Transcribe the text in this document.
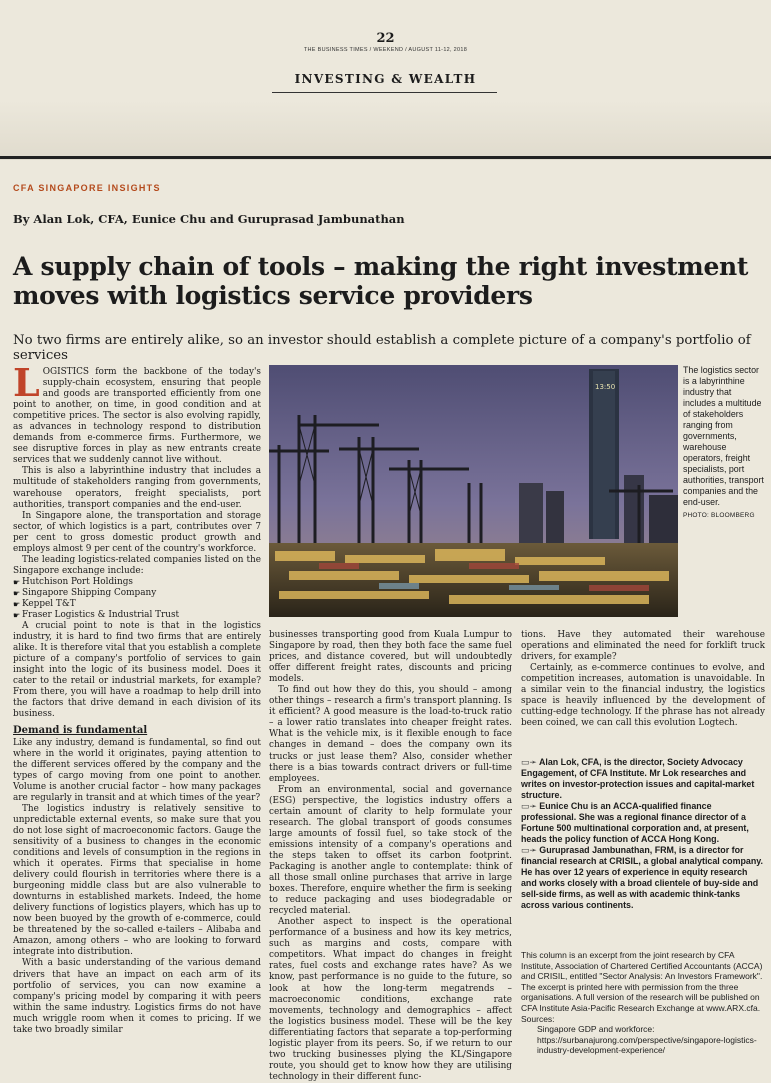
22
THE BUSINESS TIMES / WEEKEND / AUGUST 11-12, 2018
INVESTING & WEALTH
CFA SINGAPORE INSIGHTS
By Alan Lok, CFA, Eunice Chu and Guruprasad Jambunathan
A supply chain of tools – making the right investment
moves with logistics service providers
No two firms are entirely alike, so an investor should establish a complete picture of a company's portfolio of services

LOGISTICS form the backbone of the today's supply-chain ecosystem, ensuring that people and goods are transported efficiently from one point to another, on time, in good condition and at competitive prices. The sector is also evolving rapidly, as advances in technology respond to distribution demands from e-commerce firms. Furthermore, we see disruptive forces in play as new entrants create services that we suddenly cannot live without.

This is also a labyrinthine industry that includes a multitude of stakeholders ranging from governments, warehouse operators, freight specialists, port authorities, transport companies and the end-user.

In Singapore alone, the transportation and storage sector, of which logistics is a part, contributes over 7 per cent to gross domestic product growth and employs almost 9 per cent of the country's workforce.

The leading logistics-related companies listed on the Singapore exchange include:

☛ Hutchison Port Holdings
☛ Singapore Shipping Company
☛ Keppel T&T
☛ Fraser Logistics & Industrial Trust

A crucial point to note is that in the logistics industry, it is hard to find two firms that are entirely alike. It is therefore vital that you establish a complete picture of a company's portfolio of services to gain insight into the logic of its business model. Does it cater to the retail or industrial markets, for example? From there, you will have a roadmap to help drill into the factors that drive demand in each division of its business.

Demand is fundamental

Like any industry, demand is fundamental, so find out where in the world it originates, paying attention to the different services offered by the company and the types of cargo moving from one point to another. Volume is another crucial factor – how many packages are regularly in transit and at which times of the year?

The logistics industry is relatively sensitive to unpredictable external events, so make sure that you do not lose sight of macroeconomic factors. Gauge the sensitivity of a business to changes in the economic conditions and levels of consumption in the regions in which it operates. Firms that specialise in home delivery could flourish in territories where there is a burgeoning middle class but are also vulnerable to downturns in established markets. Indeed, the home delivery functions of logistics players, which has up to now been buoyed by the growth of e-commerce, could be threatened by the so-called e-tailers – Alibaba and Amazon, among others – who are looking to forward integrate into distribution.

With a basic understanding of the various demand drivers that have an impact on each arm of its portfolio of services, you can now examine a company's pricing model by comparing it with peers within the same industry. Logistics firms do not have much wriggle room when it comes to pricing. If we take two broadly similar

13:50
The logistics sector is a labyrinthine industry that includes a multitude of stakeholders ranging from governments, warehouse operators, freight specialists, port authorities, transport companies and the end-user.
PHOTO: BLOOMBERG

businesses transporting good from Kuala Lumpur to Singapore by road, then they both face the same fuel prices, and distance covered, but will undoubtedly offer different freight rates, discounts and pricing models.

To find out how they do this, you should – among other things – research a firm's transport planning. Is it efficient? A good measure is the load-to-truck ratio – a lower ratio translates into cheaper freight rates. What is the vehicle mix, is it flexible enough to face changes in demand – does the company own its trucks or just lease them? Also, consider whether there is a bias towards contract drivers or full-time employees.

From an environmental, social and governance (ESG) perspective, the logistics industry offers a certain amount of clarity to help formulate your research. The global transport of goods consumes large amounts of fossil fuel, so take stock of the emissions intensity of a company's operations and the steps taken to offset its carbon footprint. Packaging is another angle to contemplate: think of all those small online purchases that arrive in large boxes. Therefore, enquire whether the firm is seeking to reduce packaging and uses biodegradable or recycled material.

Another aspect to inspect is the operational performance of a business and how its key metrics, such as margins and costs, compare with competitors. What impact do changes in freight rates, fuel costs and exchange rates have? As we know, past performance is no guide to the future, so look at how the long-term megatrends – macroeconomic conditions, exchange rate movements, technology and demographics – affect the logistics business model. These will be the key differentiating factors that separate a top-performing logistic player from its peers. So, if we return to our two trucking businesses plying the KL/Singapore route, you should get to know how they are utilising technology in their different func-

tions. Have they automated their warehouse operations and eliminated the need for forklift truck drivers, for example?

Certainly, as e-commerce continues to evolve, and competition increases, automation is unavoidable. In a similar vein to the financial industry, the logistics space is heavily influenced by the development of cutting-edge technology. If the phrase has not already been coined, we can call this evolution Logtech.

▭➛ Alan Lok, CFA, is the director, Society Advocacy Engagement, of CFA Institute. Mr Lok researches and writes on investor-protection issues and capital-market structure.

▭➛ Eunice Chu is an ACCA-qualified finance professional. She was a regional finance director of a Fortune 500 multinational corporation and, at present, heads the policy function of ACCA Hong Kong.

▭➛ Guruprasad Jambunathan, FRM, is a director for financial research at CRISIL, a global analytical company. He has over 12 years of experience in equity research and works closely with a broad clientele of buy-side and sell-side firms, as well as with academic think-tanks across various continents.

This column is an excerpt from the joint research by CFA Institute, Association of Chartered Certified Accountants (ACCA) and CRISIL, entitled "Sector Analysis: An Investors Framework". The excerpt is printed here with permission from the three organisations. A full version of the research will be published on CFA Institute Asia-Pacific Research Exchange at www.ARX.cfa. Sources:

Singapore GDP and workforce:

https://surbanajurong.com/perspective/singapore-logistics-industry-development-experience/
